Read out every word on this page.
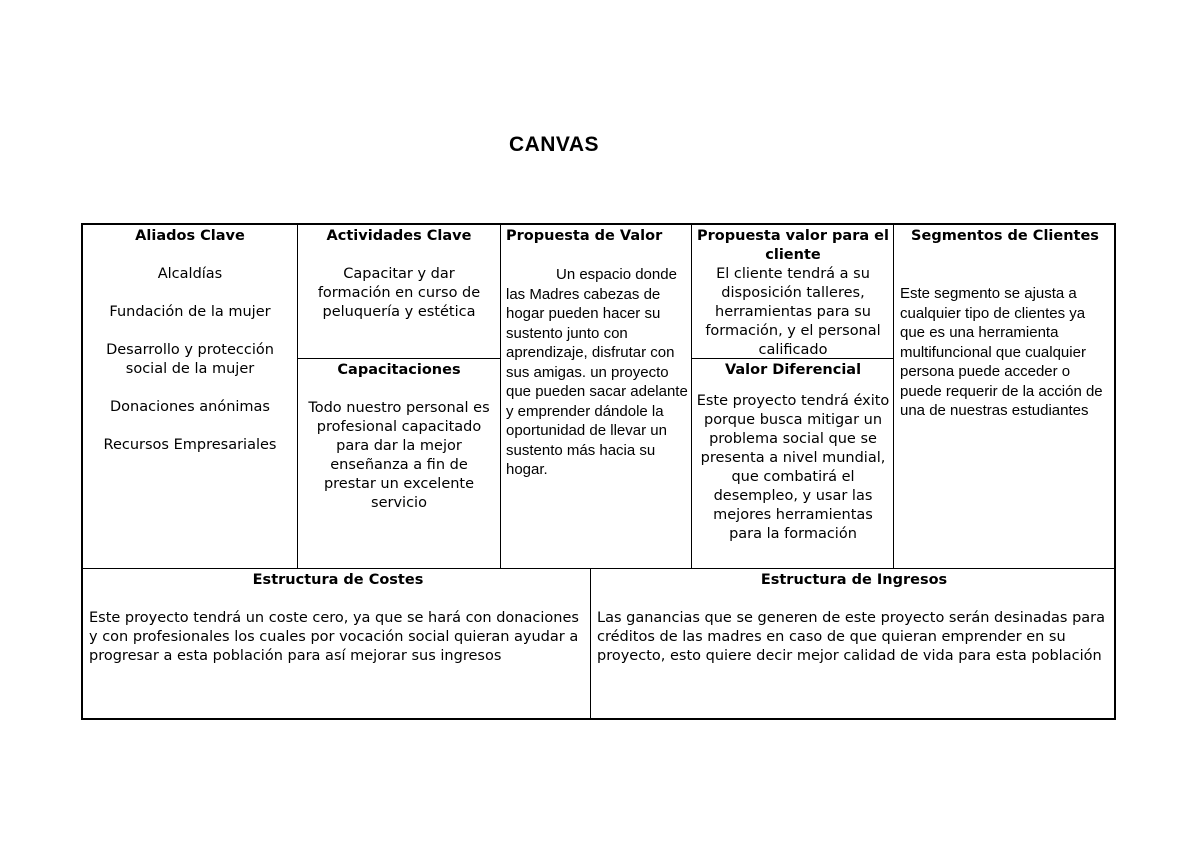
CANVAS
Aliados Clave
Alcaldías
Fundación de la mujer
Desarrollo y protección social de la mujer
Donaciones anónimas
Recursos Empresariales
Actividades Clave
Capacitar y dar formación en curso de peluquería y estética
Capacitaciones
Todo nuestro personal es profesional capacitado para dar la mejor enseñanza a fin de prestar un excelente servicio
Propuesta de Valor
Un espacio donde las Madres cabezas de hogar pueden hacer su sustento junto con aprendizaje, disfrutar con sus amigas. un proyecto que pueden sacar adelante y emprender dándole la oportunidad de llevar un sustento más hacia su hogar.
Propuesta valor para el cliente
El cliente tendrá a su disposición talleres, herramientas para su formación, y el personal calificado
Valor Diferencial
Este proyecto tendrá éxito porque busca mitigar un problema social que se presenta a nivel mundial, que combatirá el desempleo, y usar las mejores herramientas para la formación
Segmentos de Clientes
Este segmento se ajusta a cualquier tipo de clientes ya que es una herramienta multifuncional que cualquier persona puede acceder o puede requerir de la acción de una de nuestras estudiantes
Estructura de Costes
Este proyecto tendrá un coste cero, ya que se hará con donaciones y con profesionales los cuales por vocación social quieran ayudar a progresar a esta población para así mejorar sus ingresos
Estructura de Ingresos
Las ganancias que se generen de este proyecto serán desinadas para créditos de las madres en caso de que quieran emprender en su proyecto, esto quiere decir mejor calidad de vida para esta población
